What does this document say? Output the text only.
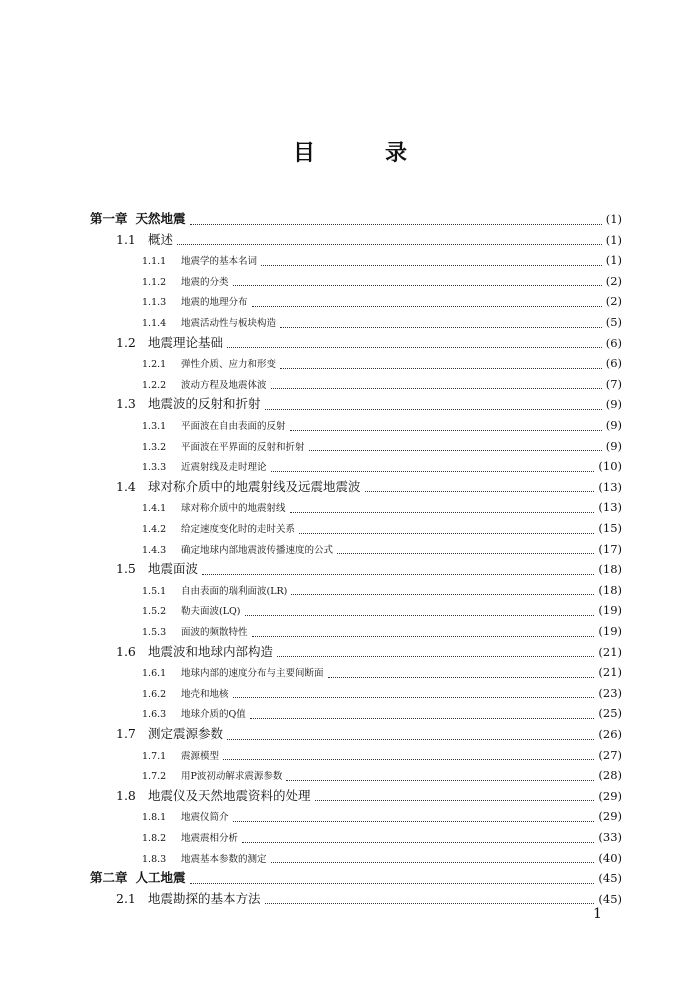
目　录
第一章 天然地震	(1)
1.1 概述	(1)
1.1.1	地震学的基本名词	(1)
1.1.2	地震的分类	(2)
1.1.3	地震的地理分布	(2)
1.1.4	地震活动性与板块构造	(5)
1.2 地震理论基础	(6)
1.2.1	弹性介质、应力和形变	(6)
1.2.2	波动方程及地震体波	(7)
1.3 地震波的反射和折射	(9)
1.3.1	平面波在自由表面的反射	(9)
1.3.2	平面波在平界面的反射和折射	(9)
1.3.3	近震射线及走时理论	(10)
1.4 球对称介质中的地震射线及远震地震波	(13)
1.4.1	球对称介质中的地震射线	(13)
1.4.2	给定速度变化时的走时关系	(15)
1.4.3	确定地球内部地震波传播速度的公式	(17)
1.5 地震面波	(18)
1.5.1	自由表面的瑞利面波(LR)	(18)
1.5.2	勒夫面波(LQ)	(19)
1.5.3	面波的频散特性	(19)
1.6 地震波和地球内部构造	(21)
1.6.1	地球内部的速度分布与主要间断面	(21)
1.6.2	地壳和地核	(23)
1.6.3	地球介质的Q值	(25)
1.7 测定震源参数	(26)
1.7.1	震源模型	(27)
1.7.2	用P波初动解求震源参数	(28)
1.8 地震仪及天然地震资料的处理	(29)
1.8.1	地震仪简介	(29)
1.8.2	地震震相分析	(33)
1.8.3	地震基本参数的测定	(40)
第二章 人工地震	(45)
2.1 地震勘探的基本方法	(45)
1
